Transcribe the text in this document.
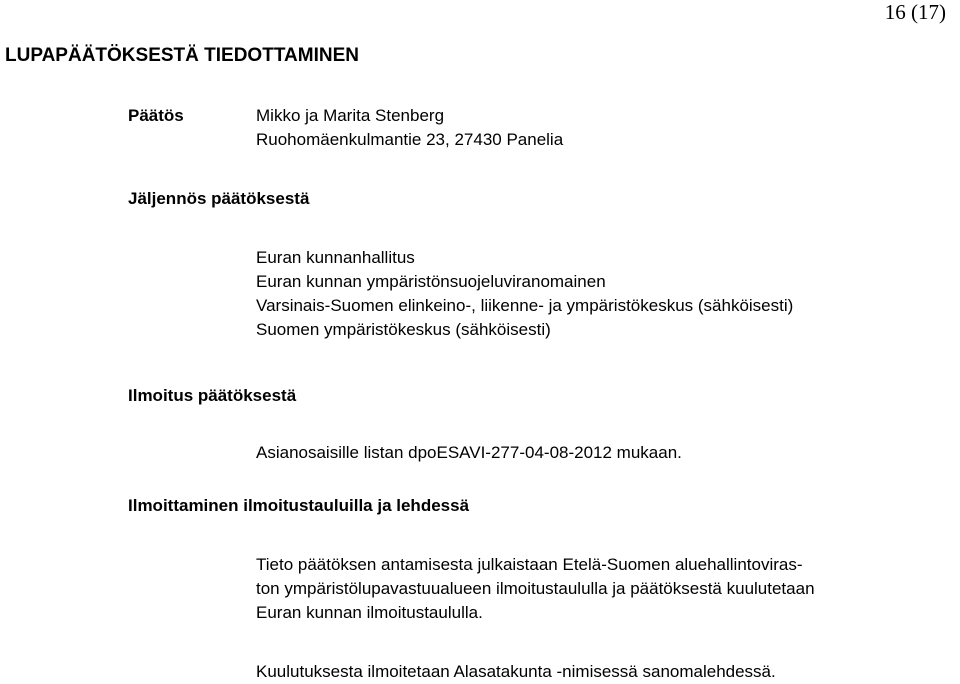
16 (17)
LUPAPÄÄTÖKSESTÄ TIEDOTTAMINEN
Päätös	Mikko ja Marita Stenberg
Ruohomäenkulmantie 23, 27430 Panelia
Jäljennös päätöksestä
Euran kunnanhallitus
Euran kunnan ympäristönsuojeluviranomainen
Varsinais-Suomen elinkeino-, liikenne- ja ympäristökeskus (sähköisesti)
Suomen ympäristökeskus (sähköisesti)
Ilmoitus päätöksestä
Asianosaisille listan dpoESAVI-277-04-08-2012 mukaan.
Ilmoittaminen ilmoitustauluilla ja lehdessä
Tieto päätöksen antamisesta julkaistaan Etelä-Suomen aluehallintoviras-
ton ympäristölupavastuualueen ilmoitustaululla ja päätöksestä kuulutetaan
Euran kunnan ilmoitustaululla.
Kuulutuksesta ilmoitetaan Alasatakunta -nimisessä sanomalehdessä.
